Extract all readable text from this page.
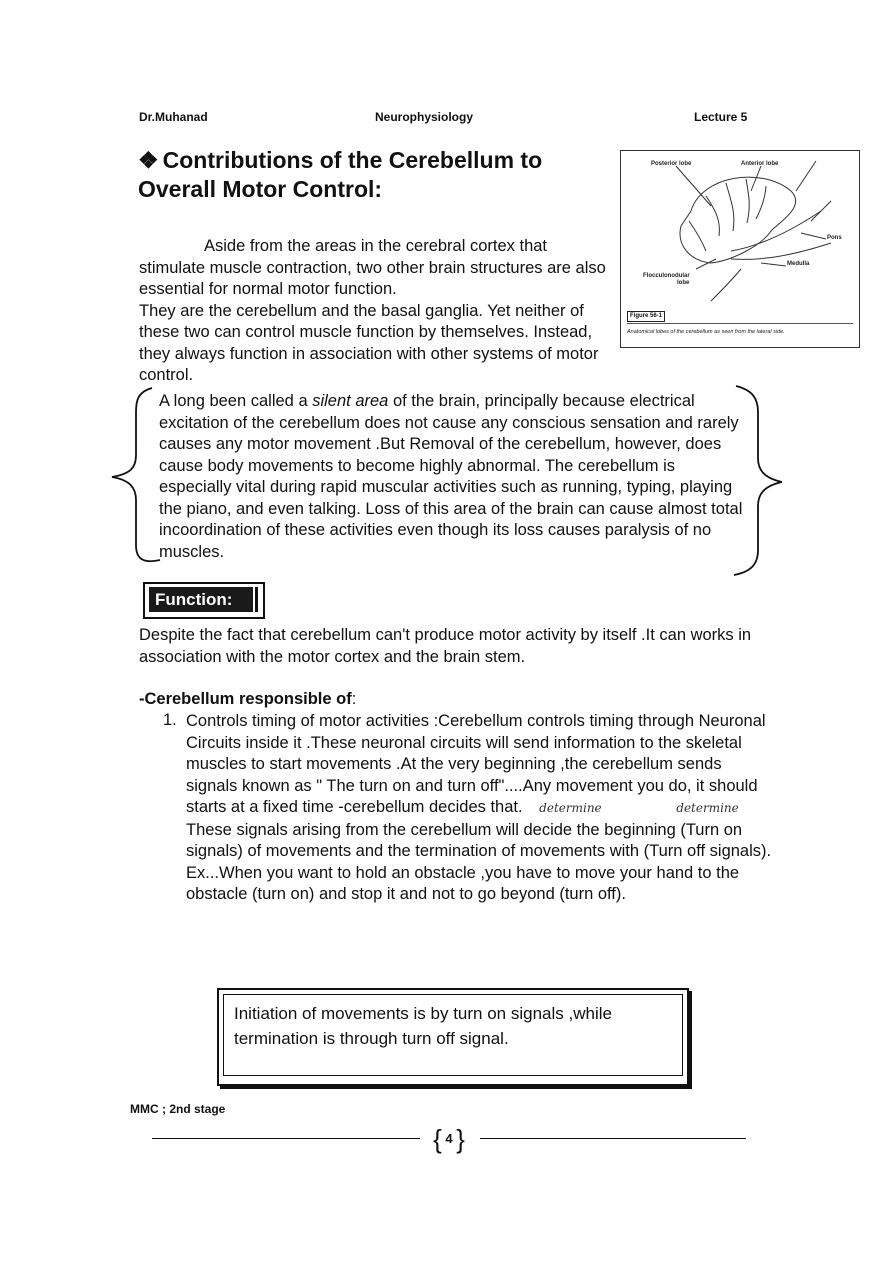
Dr.Muhanad	Neurophysiology	Lecture 5
❖ Contributions of the Cerebellum to Overall Motor Control:
Posterior lobe	Anterior lobe
Pons
Medulla
Flocculonodular
lobe
Figure 56-1
Anatomical lobes of the cerebellum as seen from the lateral side.

Aside from the areas in the cerebral cortex that stimulate muscle contraction, two other brain structures are also essential for normal motor function.

They are the cerebellum and the basal ganglia. Yet neither of these two can control muscle function by themselves. Instead, they always function in association with other systems of motor control.

A long been called a silent area of the brain, principally because electrical excitation of the cerebellum does not cause any conscious sensation and rarely causes any motor movement .But Removal of the cerebellum, however, does cause body movements to become highly abnormal. The cerebellum is especially vital during rapid muscular activities such as running, typing, playing the piano, and even talking. Loss of this area of the brain can cause almost total incoordination of these activities even though its loss causes paralysis of no muscles.

Function:

Despite the fact that cerebellum can't produce motor activity by itself .It can works in association with the motor cortex and the brain stem.

-Cerebellum responsible of:
1. Controls timing of motor activities :Cerebellum controls timing through Neuronal Circuits inside it .These neuronal circuits will send information to the skeletal muscles to start movements .At the very beginning ,the cerebellum sends signals known as " The turn on and turn off"....Any movement you do, it should starts at a fixed time -cerebellum decides that. determine	determine

These signals arising from the cerebellum will decide the beginning (Turn on signals) of movements and the termination of movements with (Turn off signals).

Ex...When you want to hold an obstacle ,you have to move your hand to the obstacle (turn on) and stop it and not to go beyond (turn off).

Initiation of movements is by turn on signals ,while termination is through turn off signal.
MMC ; 2nd stage
{ 4 }
